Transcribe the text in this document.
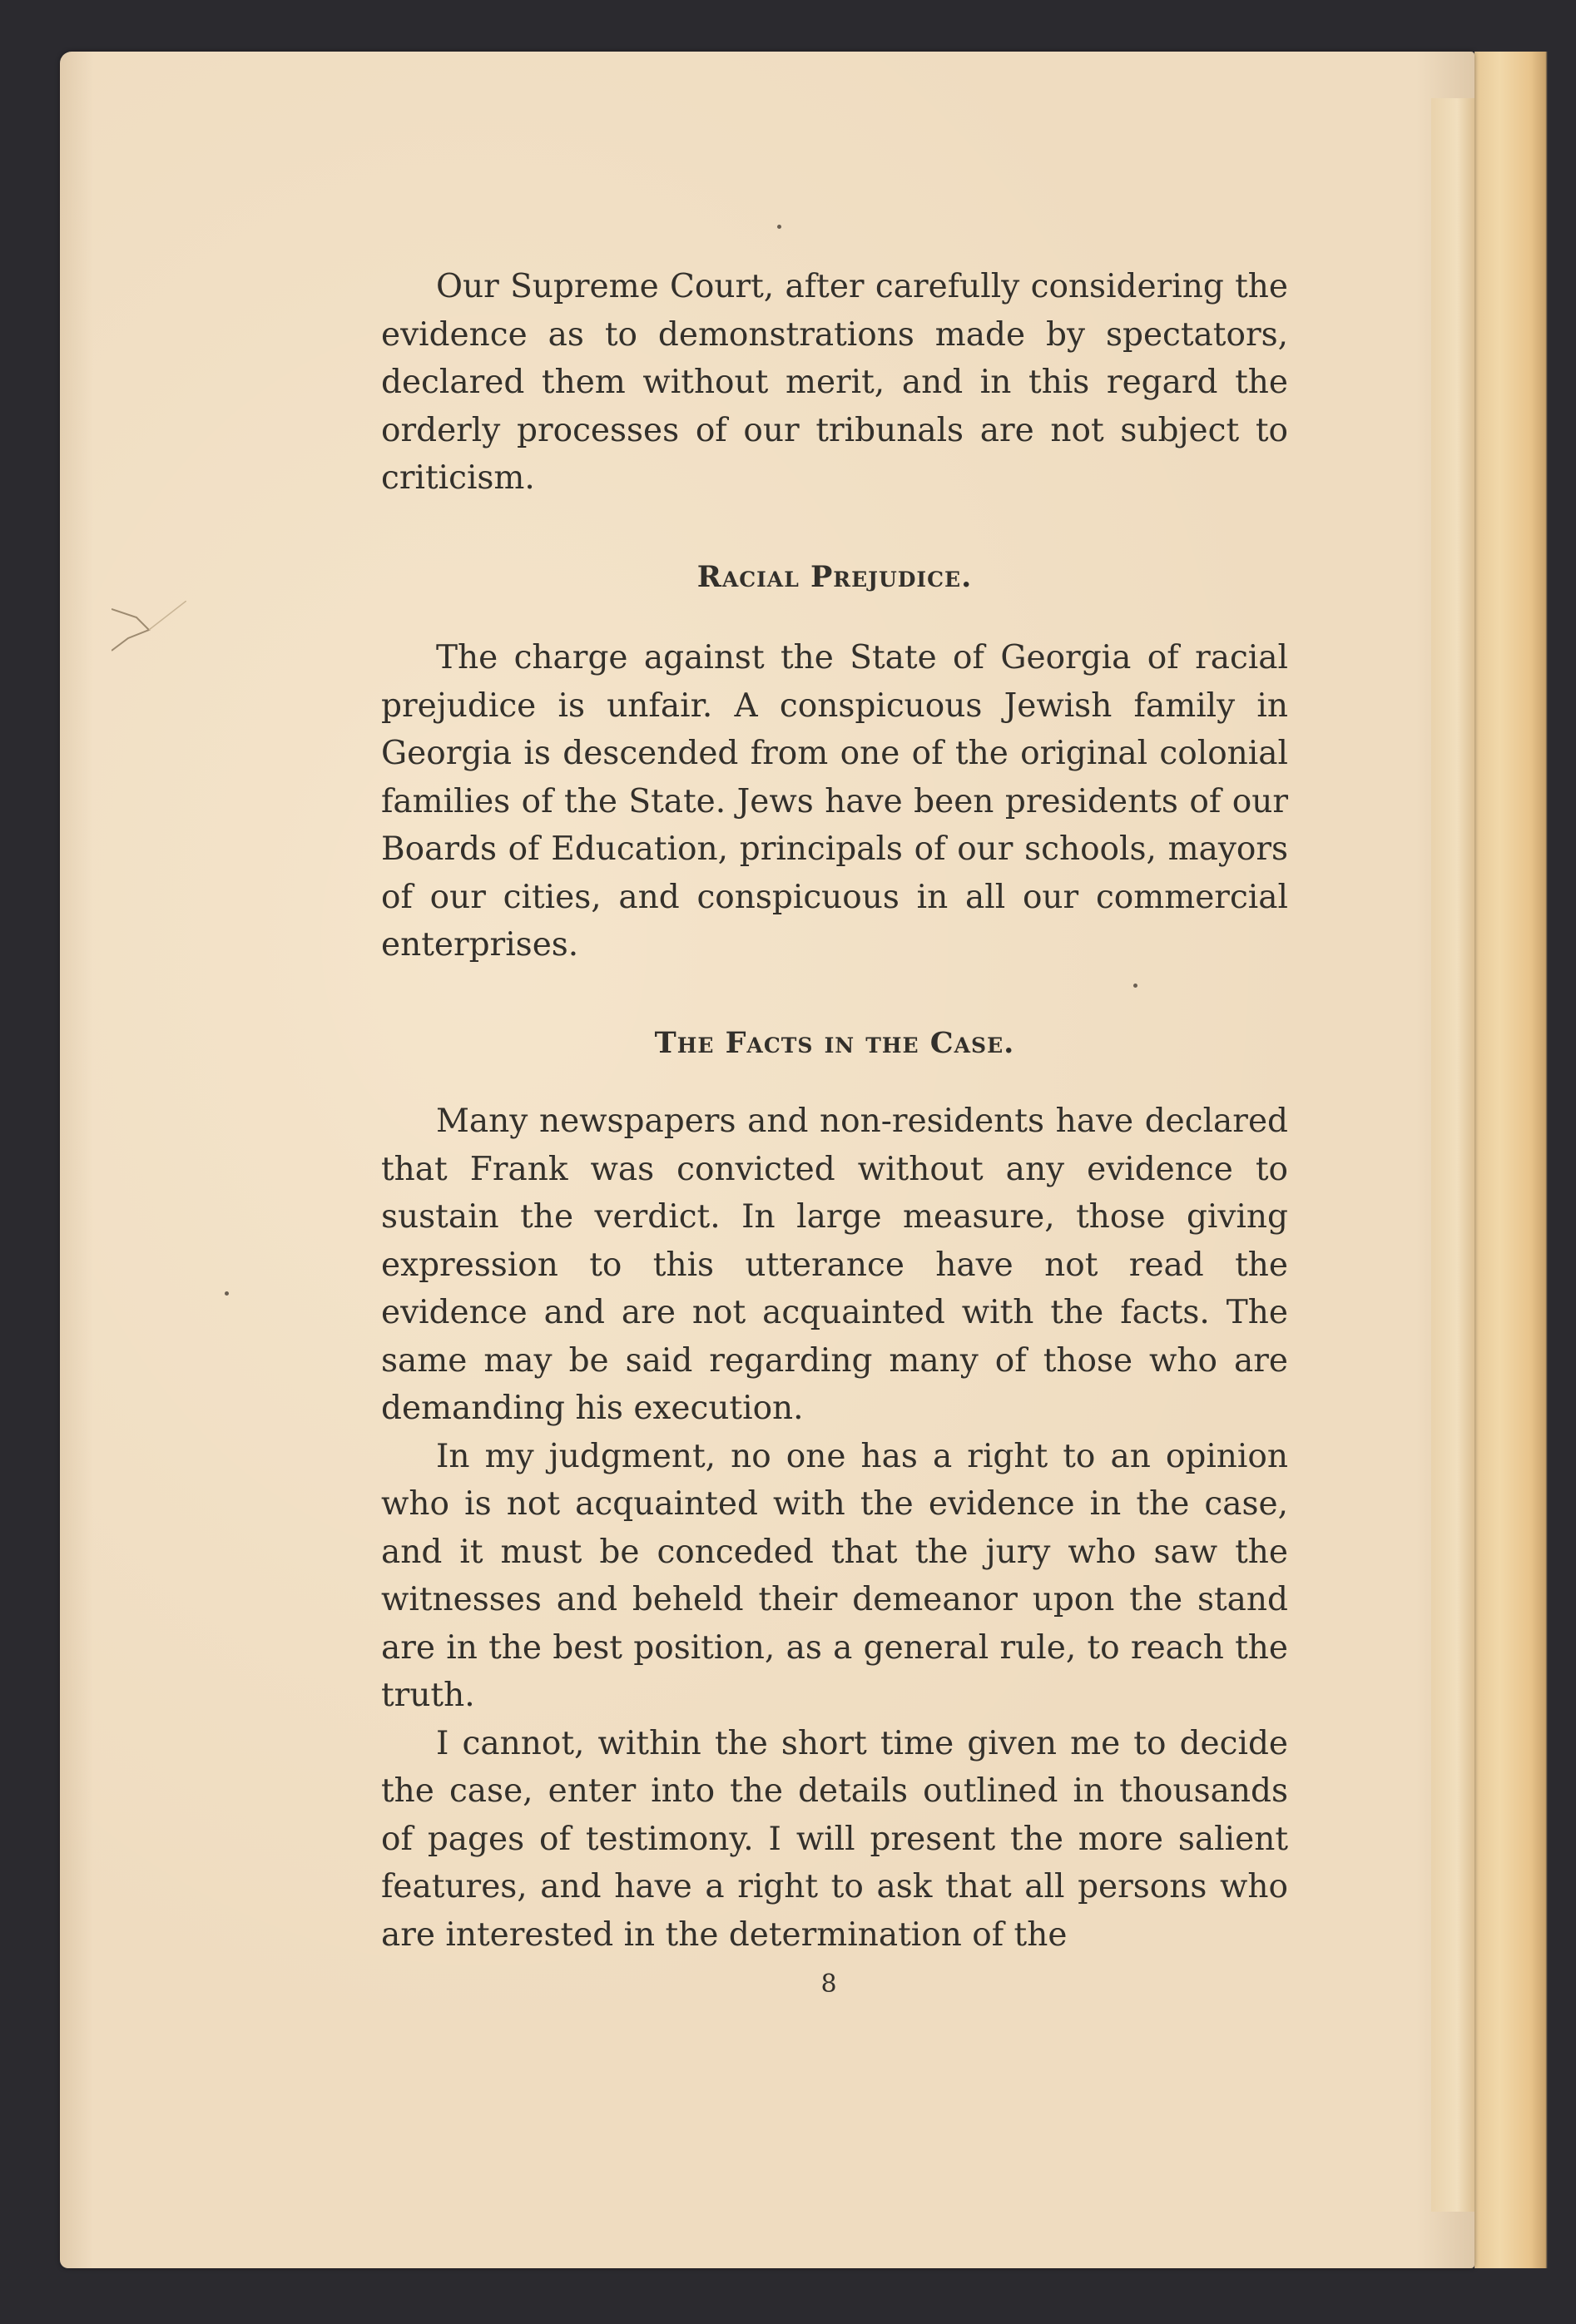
Our Supreme Court, after carefully considering the evidence as to demonstrations made by spectators, declared them without merit, and in this regard the orderly processes of our tribunals are not subject to criticism.

Racial Prejudice.

The charge against the State of Georgia of racial prejudice is unfair. A conspicuous Jewish family in Georgia is descended from one of the original colonial families of the State. Jews have been presidents of our Boards of Education, principals of our schools, mayors of our cities, and conspicuous in all our commercial enterprises.

The Facts in the Case.

Many newspapers and non-residents have declared that Frank was convicted without any evidence to sustain the verdict. In large measure, those giving expression to this utterance have not read the evidence and are not acquainted with the facts. The same may be said regarding many of those who are demanding his execution.

In my judgment, no one has a right to an opinion who is not acquainted with the evidence in the case, and it must be conceded that the jury who saw the witnesses and beheld their demeanor upon the stand are in the best position, as a general rule, to reach the truth.

I cannot, within the short time given me to decide the case, enter into the details outlined in thousands of pages of testimony. I will present the more salient features, and have a right to ask that all persons who are interested in the determination of the

8
